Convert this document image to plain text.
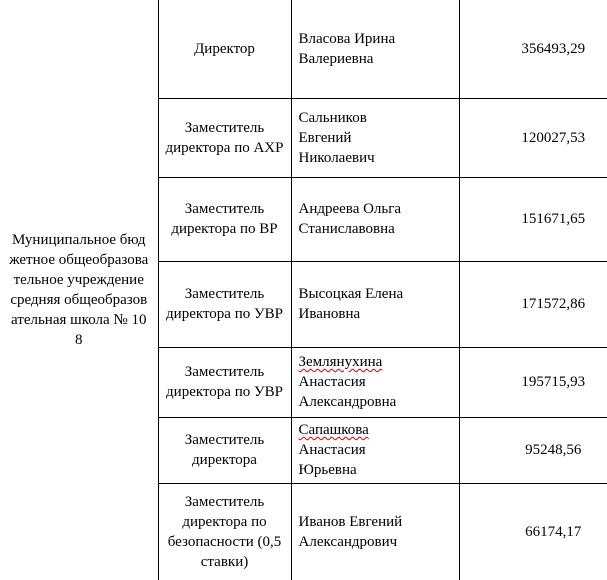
Муниципальное бюджетное общеобразовательное учреждение средняя общеобразовательная школа № 108	Директор	Власова Ирина
Валериевна	356493,29
	Заместитель директора по АХР	Сальников
Евгений
Николаевич	120027,53
	Заместитель директора по ВР	Андреева Ольга
Станиславовна	151671,65
	Заместитель директора по УВР	Высоцкая Елена
Ивановна	171572,86
	Заместитель директора по УВР	Землянухина
Анастасия
Александровна	195715,93
	Заместитель директора	Сапашкова
Анастасия
Юрьевна	95248,56
	Заместитель директора по безопасности (0,5 ставки)	Иванов Евгений
Александрович	66174,17
